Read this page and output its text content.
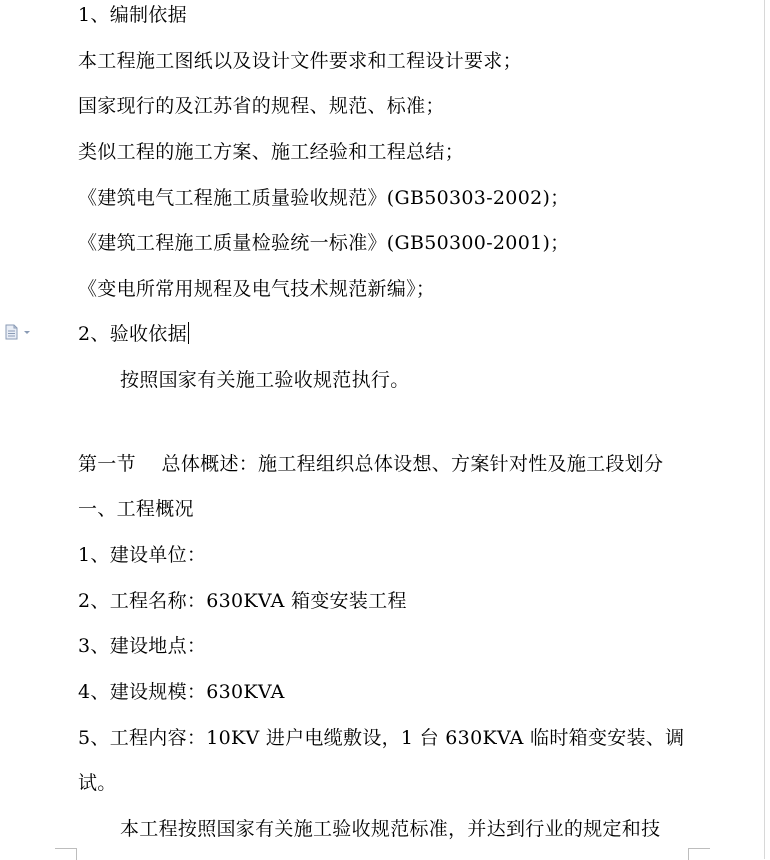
1、编制依据
本工程施工图纸以及设计文件要求和工程设计要求；
国家现行的及江苏省的规程、规范、标准；
类似工程的施工方案、施工经验和工程总结；
《建筑电气工程施工质量验收规范》(GB50303-2002)；
《建筑工程施工质量检验统一标准》(GB50300-2001)；
《变电所常用规程及电气技术规范新编》；
2、验收依据
按照国家有关施工验收规范执行。
第一节　 总体概述：施工程组织总体设想、方案针对性及施工段划分
一、工程概况
1、建设单位：
2、工程名称：630KVA 箱变安装工程
3、建设地点：
4、建设规模：630KVA
5、工程内容：10KV 进户电缆敷设，1 台 630KVA 临时箱变安装、调
试。
本工程按照国家有关施工验收规范标准，并达到行业的规定和技
